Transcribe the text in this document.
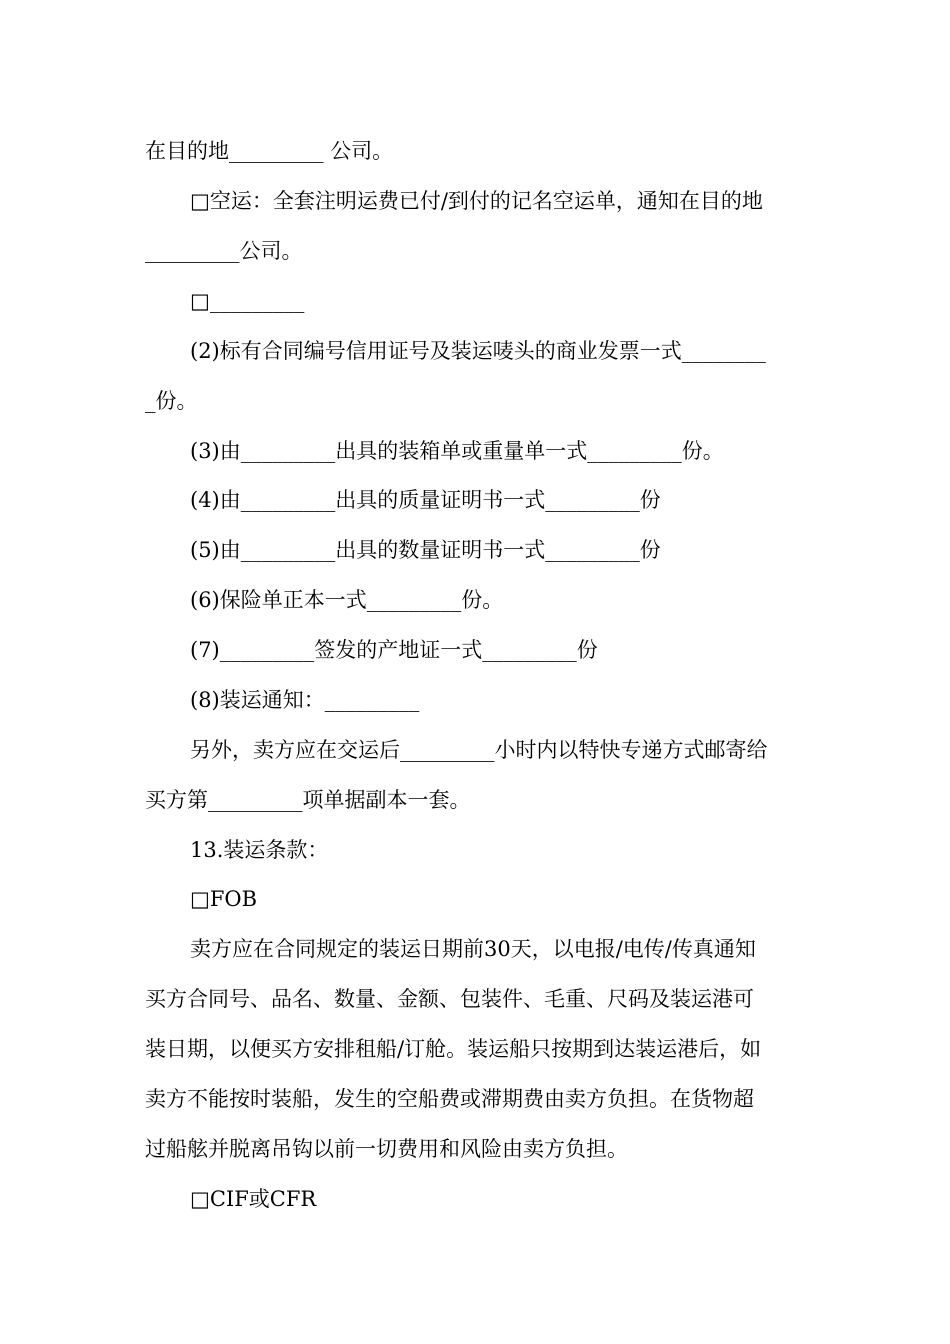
在目的地_________ 公司。
□空运：全套注明运费已付/到付的记名空运单，通知在目的地
_________公司。
□_________
(2)标有合同编号信用证号及装运唛头的商业发票一式________
_份。
(3)由_________出具的装箱单或重量单一式_________份。
(4)由_________出具的质量证明书一式_________份
(5)由_________出具的数量证明书一式_________份
(6)保险单正本一式_________份。
(7)_________签发的产地证一式_________份
(8)装运通知：_________
另外，卖方应在交运后_________小时内以特快专递方式邮寄给
买方第_________项单据副本一套。
13.装运条款：
□FOB
卖方应在合同规定的装运日期前30天，以电报/电传/传真通知
买方合同号、品名、数量、金额、包装件、毛重、尺码及装运港可
装日期，以便买方安排租船/订舱。装运船只按期到达装运港后，如
卖方不能按时装船，发生的空船费或滞期费由卖方负担。在货物超
过船舷并脱离吊钩以前一切费用和风险由卖方负担。
□CIF或CFR
